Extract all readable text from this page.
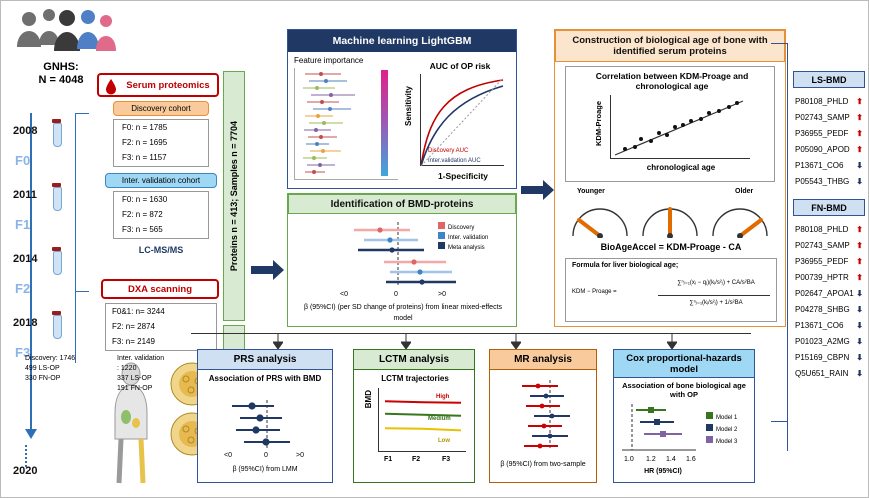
GNHS:
N = 4048
2008
F0
2011
F1
2014
F2
2018
F3
2020
Serum proteomics
Discovery cohort
F0: n = 1785
F2: n = 1695
F3: n = 1157
Inter. validation cohort
F0: n = 1630
F2: n = 872
F3: n = 565
LC-MS/MS
DXA scanning
F0&1: n= 3244
F2: n= 2874
F3: n= 2149
Discovery: 1746
499 LS-OP
330 FN-OP
Inter. validation
: 1220
337 LS-OP
191 FN-OP
Proteins n = 413; Samples n = 7704
Machine learning LightGBM
Feature importance
AUC of OP risk
Discovery AUC
Inter.validation AUC
Sensitivity
1-Specificity
Identification of BMD-proteins
Discovery
Inter. validation
Meta analysis
<0	0	>0
β (95%CI) (per SD change of proteins) from linear mixed-effects model
Construction of biological age of bone with identified serum proteins
Correlation between KDM-Proage and chronological age
KDM-Proage
chronological age
Younger	Older
BioAgeAccel = KDM-Proage - CA
Formula for liver biological age;
KDM − Proage =
∑ⁿⱼ₌₁(xⱼ − qⱼ)(kⱼ/s²ⱼ) + CA/s²BA
∑ⁿⱼ₌₁(kⱼ/s²ⱼ) + 1/s²BA
PRS analysis
Association of PRS with BMD
<0	0	>0
β (95%CI) from LMM
LCTM analysis
LCTM trajectories
BMD	High
Medium
Low
F1	F2	F3
MR analysis
β (95%CI) from two-sample
Cox proportional-hazards model
Association of bone biological age with OP
Model 1
Model 2
Model 3
1.0 1.2 1.4 1.6
HR (95%CI)
LS-BMD
P80108_PHLD ⬆
P02743_SAMP ⬆
P36955_PEDF ⬆
P05090_APOD ⬆
P13671_CO6 ⬇
P05543_THBG ⬇
FN-BMD
P80108_PHLD ⬆
P02743_SAMP ⬆
P36955_PEDF ⬆
P00739_HPTR ⬆
P02647_APOA1 ⬇
P04278_SHBG ⬇
P13671_CO6 ⬇
P01023_A2MG ⬇
P15169_CBPN ⬇
Q5U651_RAIN ⬇
